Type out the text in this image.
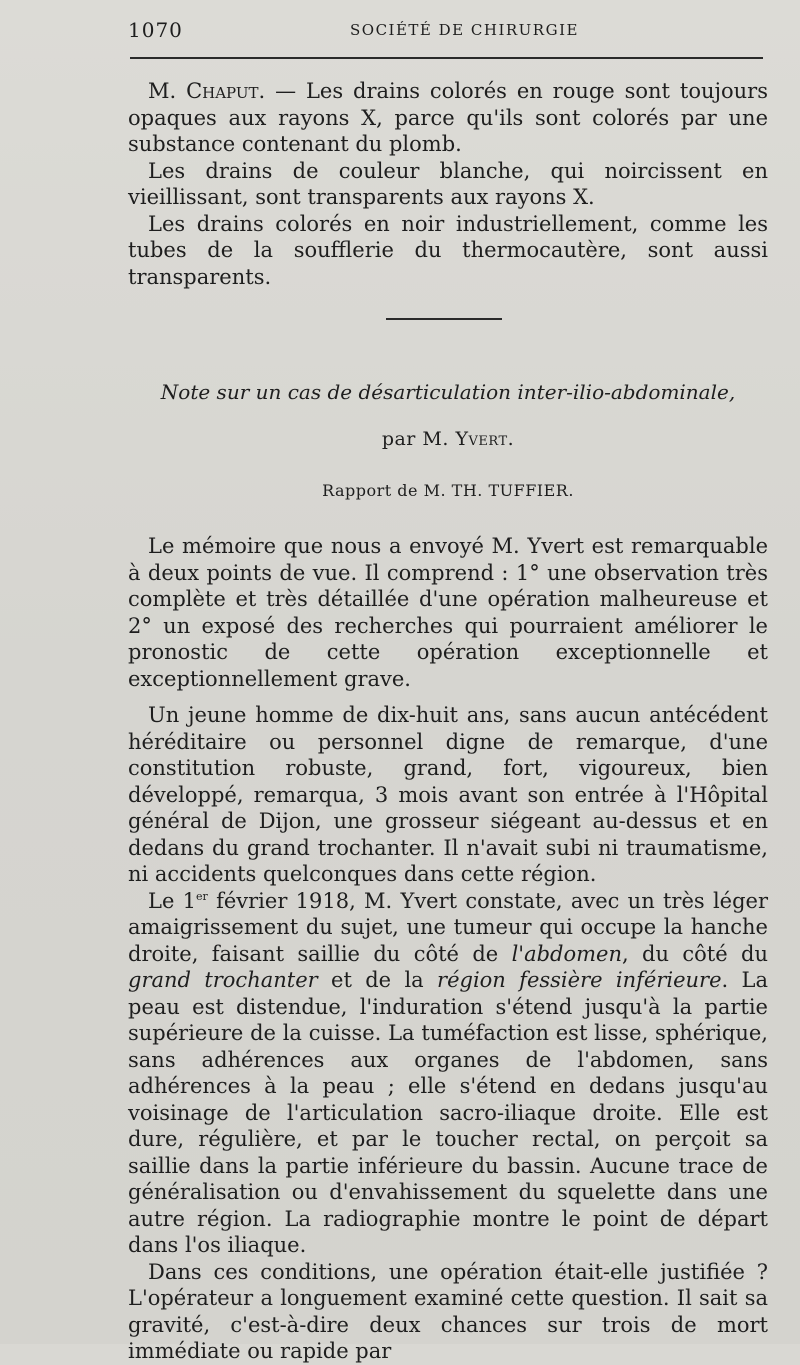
1070	SOCIÉTÉ DE CHIRURGIE

M. Chaput. — Les drains colorés en rouge sont toujours opaques aux rayons X, parce qu'ils sont colorés par une substance contenant du plomb.

Les drains de couleur blanche, qui noircissent en vieillissant, sont transparents aux rayons X.

Les drains colorés en noir industriellement, comme les tubes de la soufflerie du thermocautère, sont aussi transparents.

Note sur un cas de désarticulation inter-ilio-abdominale,
par M. Yvert.
Rapport de M. TH. TUFFIER.

Le mémoire que nous a envoyé M. Yvert est remarquable à deux points de vue. Il comprend : 1° une observation très complète et très détaillée d'une opération malheureuse et 2° un exposé des recherches qui pourraient améliorer le pronostic de cette opération exceptionnelle et exceptionnellement grave.

Un jeune homme de dix-huit ans, sans aucun antécédent héréditaire ou personnel digne de remarque, d'une constitution robuste, grand, fort, vigoureux, bien développé, remarqua, 3 mois avant son entrée à l'Hôpital général de Dijon, une grosseur siégeant au-dessus et en dedans du grand trochanter. Il n'avait subi ni traumatisme, ni accidents quelconques dans cette région.

Le 1er février 1918, M. Yvert constate, avec un très léger amaigrissement du sujet, une tumeur qui occupe la hanche droite, faisant saillie du côté de l'abdomen, du côté du grand trochanter et de la région fessière inférieure. La peau est distendue, l'induration s'étend jusqu'à la partie supérieure de la cuisse. La tuméfaction est lisse, sphérique, sans adhérences aux organes de l'abdomen, sans adhérences à la peau ; elle s'étend en dedans jusqu'au voisinage de l'articulation sacro-iliaque droite. Elle est dure, régulière, et par le toucher rectal, on perçoit sa saillie dans la partie inférieure du bassin. Aucune trace de généralisation ou d'envahissement du squelette dans une autre région. La radiographie montre le point de départ dans l'os iliaque.

Dans ces conditions, une opération était-elle justifiée ? L'opérateur a longuement examiné cette question. Il sait sa gravité, c'est-à-dire deux chances sur trois de mort immédiate ou rapide par
